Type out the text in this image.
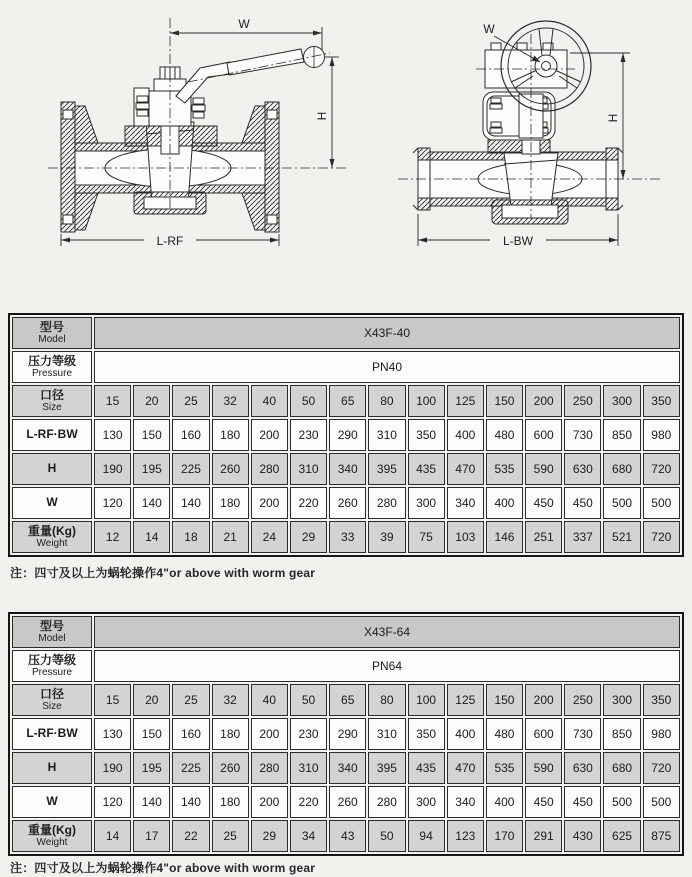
W
H
L-RF
W
H
L-BW
型号
Model	X43F-40														

压力等级
Pressure	PN40														

口径
Size	15	20	25	32	40	50	65	80	100	125	150	200	250	300	350

L-RF·BW	130	150	160	180	200	230	290	310	350	400	480	600	730	850	980

H	190	195	225	260	280	310	340	395	435	470	535	590	630	680	720

W	120	140	140	180	200	220	260	280	300	340	400	450	450	500	500

重量(Kg)
Weight	12	14	18	21	24	29	33	39	75	103	146	251	337	521	720
注：四寸及以上为蜗轮操作4"or above with worm gear
型号
Model	X43F-64														

压力等级
Pressure	PN64														

口径
Size	15	20	25	32	40	50	65	80	100	125	150	200	250	300	350

L-RF·BW	130	150	160	180	200	230	290	310	350	400	480	600	730	850	980

H	190	195	225	260	280	310	340	395	435	470	535	590	630	680	720

W	120	140	140	180	200	220	260	280	300	340	400	450	450	500	500

重量(Kg)
Weight	14	17	22	25	29	34	43	50	94	123	170	291	430	625	875
注：四寸及以上为蜗轮操作4"or above with worm gear
